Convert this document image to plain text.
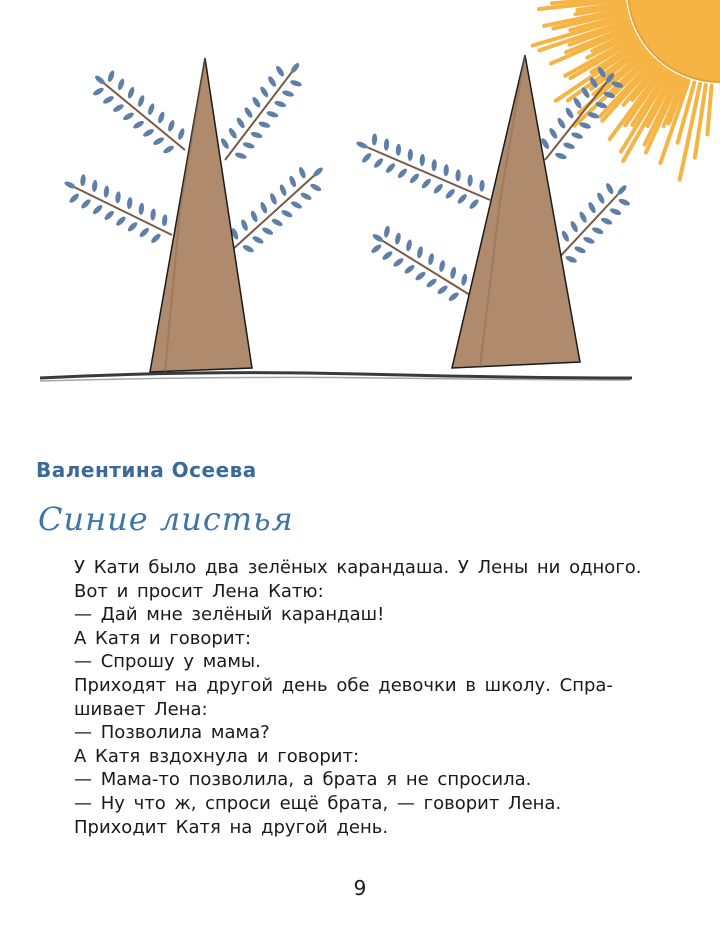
Валентина Осеева
Синие листья
У Кати было два зелёных карандаша. У Лены ни одного.
Вот и просит Лена Катю:
— Дай мне зелёный карандаш!
А Катя и говорит:
— Спрошу у мамы.
Приходят на другой день обе девочки в школу. Спра-
шивает Лена:
— Позволила мама?
А Катя вздохнула и говорит:
— Мама-то позволила, а брата я не спросила.
— Ну что ж, спроси ещё брата, — говорит Лена.
Приходит Катя на другой день.
9
